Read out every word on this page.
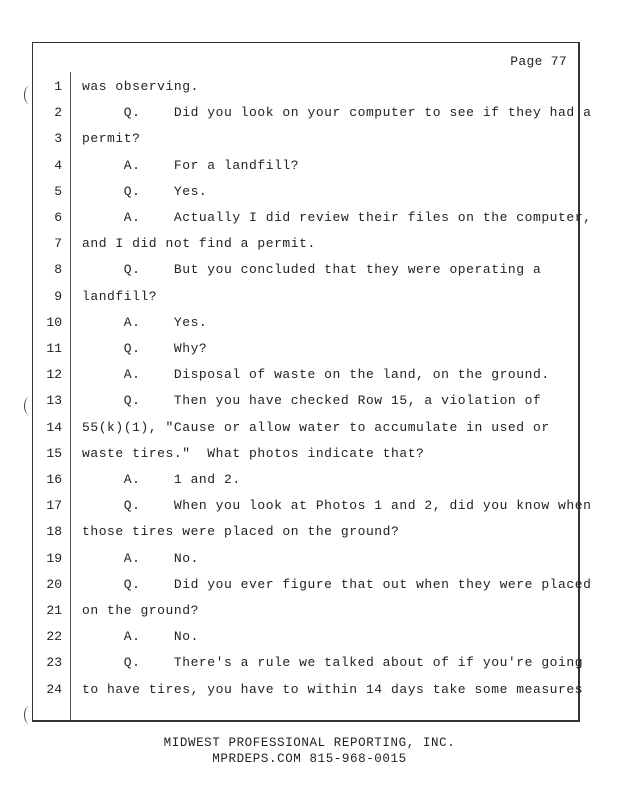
Page 77
1 was observing.
2 Q.    Did you look on your computer to see if they had a
3 permit?
4 A.    For a landfill?
5 Q.    Yes.
6 A.    Actually I did review their files on the computer,
7 and I did not find a permit.
8 Q.    But you concluded that they were operating a
9 landfill?
10 A.    Yes.
11 Q.    Why?
12 A.    Disposal of waste on the land, on the ground.
13 Q.    Then you have checked Row 15, a violation of
14 55(k)(1), "Cause or allow water to accumulate in used or
15 waste tires."  What photos indicate that?
16 A.    1 and 2.
17 Q.    When you look at Photos 1 and 2, did you know when
18 those tires were placed on the ground?
19 A.    No.
20 Q.    Did you ever figure that out when they were placed
21 on the ground?
22 A.    No.
23 Q.    There's a rule we talked about of if you're going
24 to have tires, you have to within 14 days take some measures
MIDWEST PROFESSIONAL REPORTING, INC.
MPRDEPS.COM 815-968-0015
